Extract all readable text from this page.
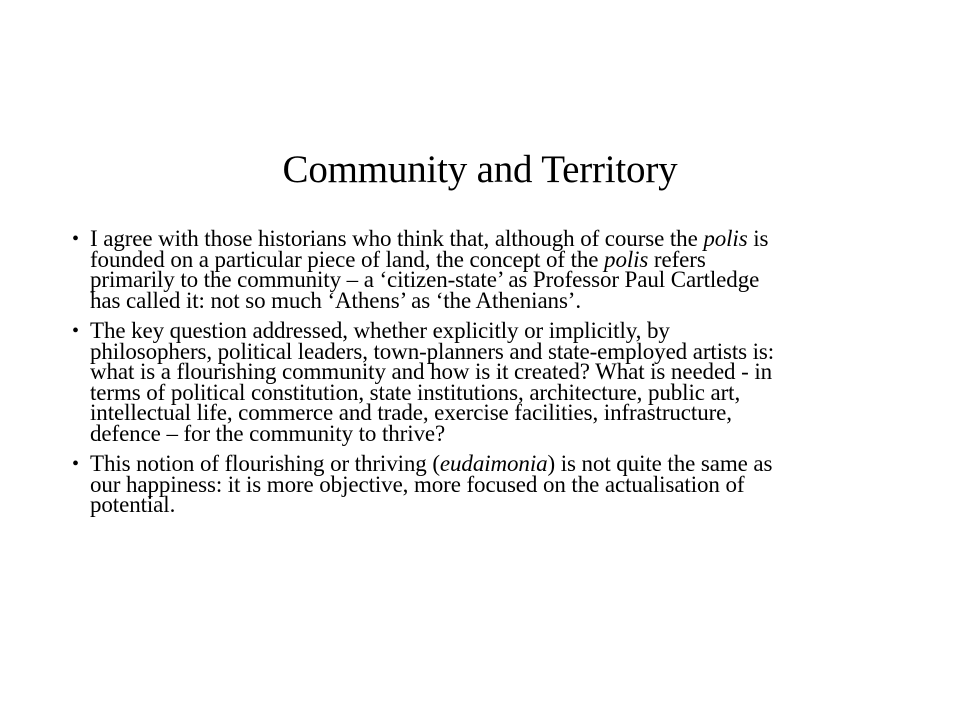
Community and Territory
• I agree with those historians who think that, although of course the polis is
founded on a particular piece of land, the concept of the polis refers
primarily to the community – a ‘citizen-state’ as Professor Paul Cartledge
has called it: not so much ‘Athens’ as ‘the Athenians’.
• The key question addressed, whether explicitly or implicitly, by
philosophers, political leaders, town-planners and state-employed artists is:
what is a flourishing community and how is it created? What is needed - in
terms of political constitution, state institutions, architecture, public art,
intellectual life, commerce and trade, exercise facilities, infrastructure,
defence – for the community to thrive?
• This notion of flourishing or thriving (eudaimonia) is not quite the same as
our happiness: it is more objective, more focused on the actualisation of
potential.
